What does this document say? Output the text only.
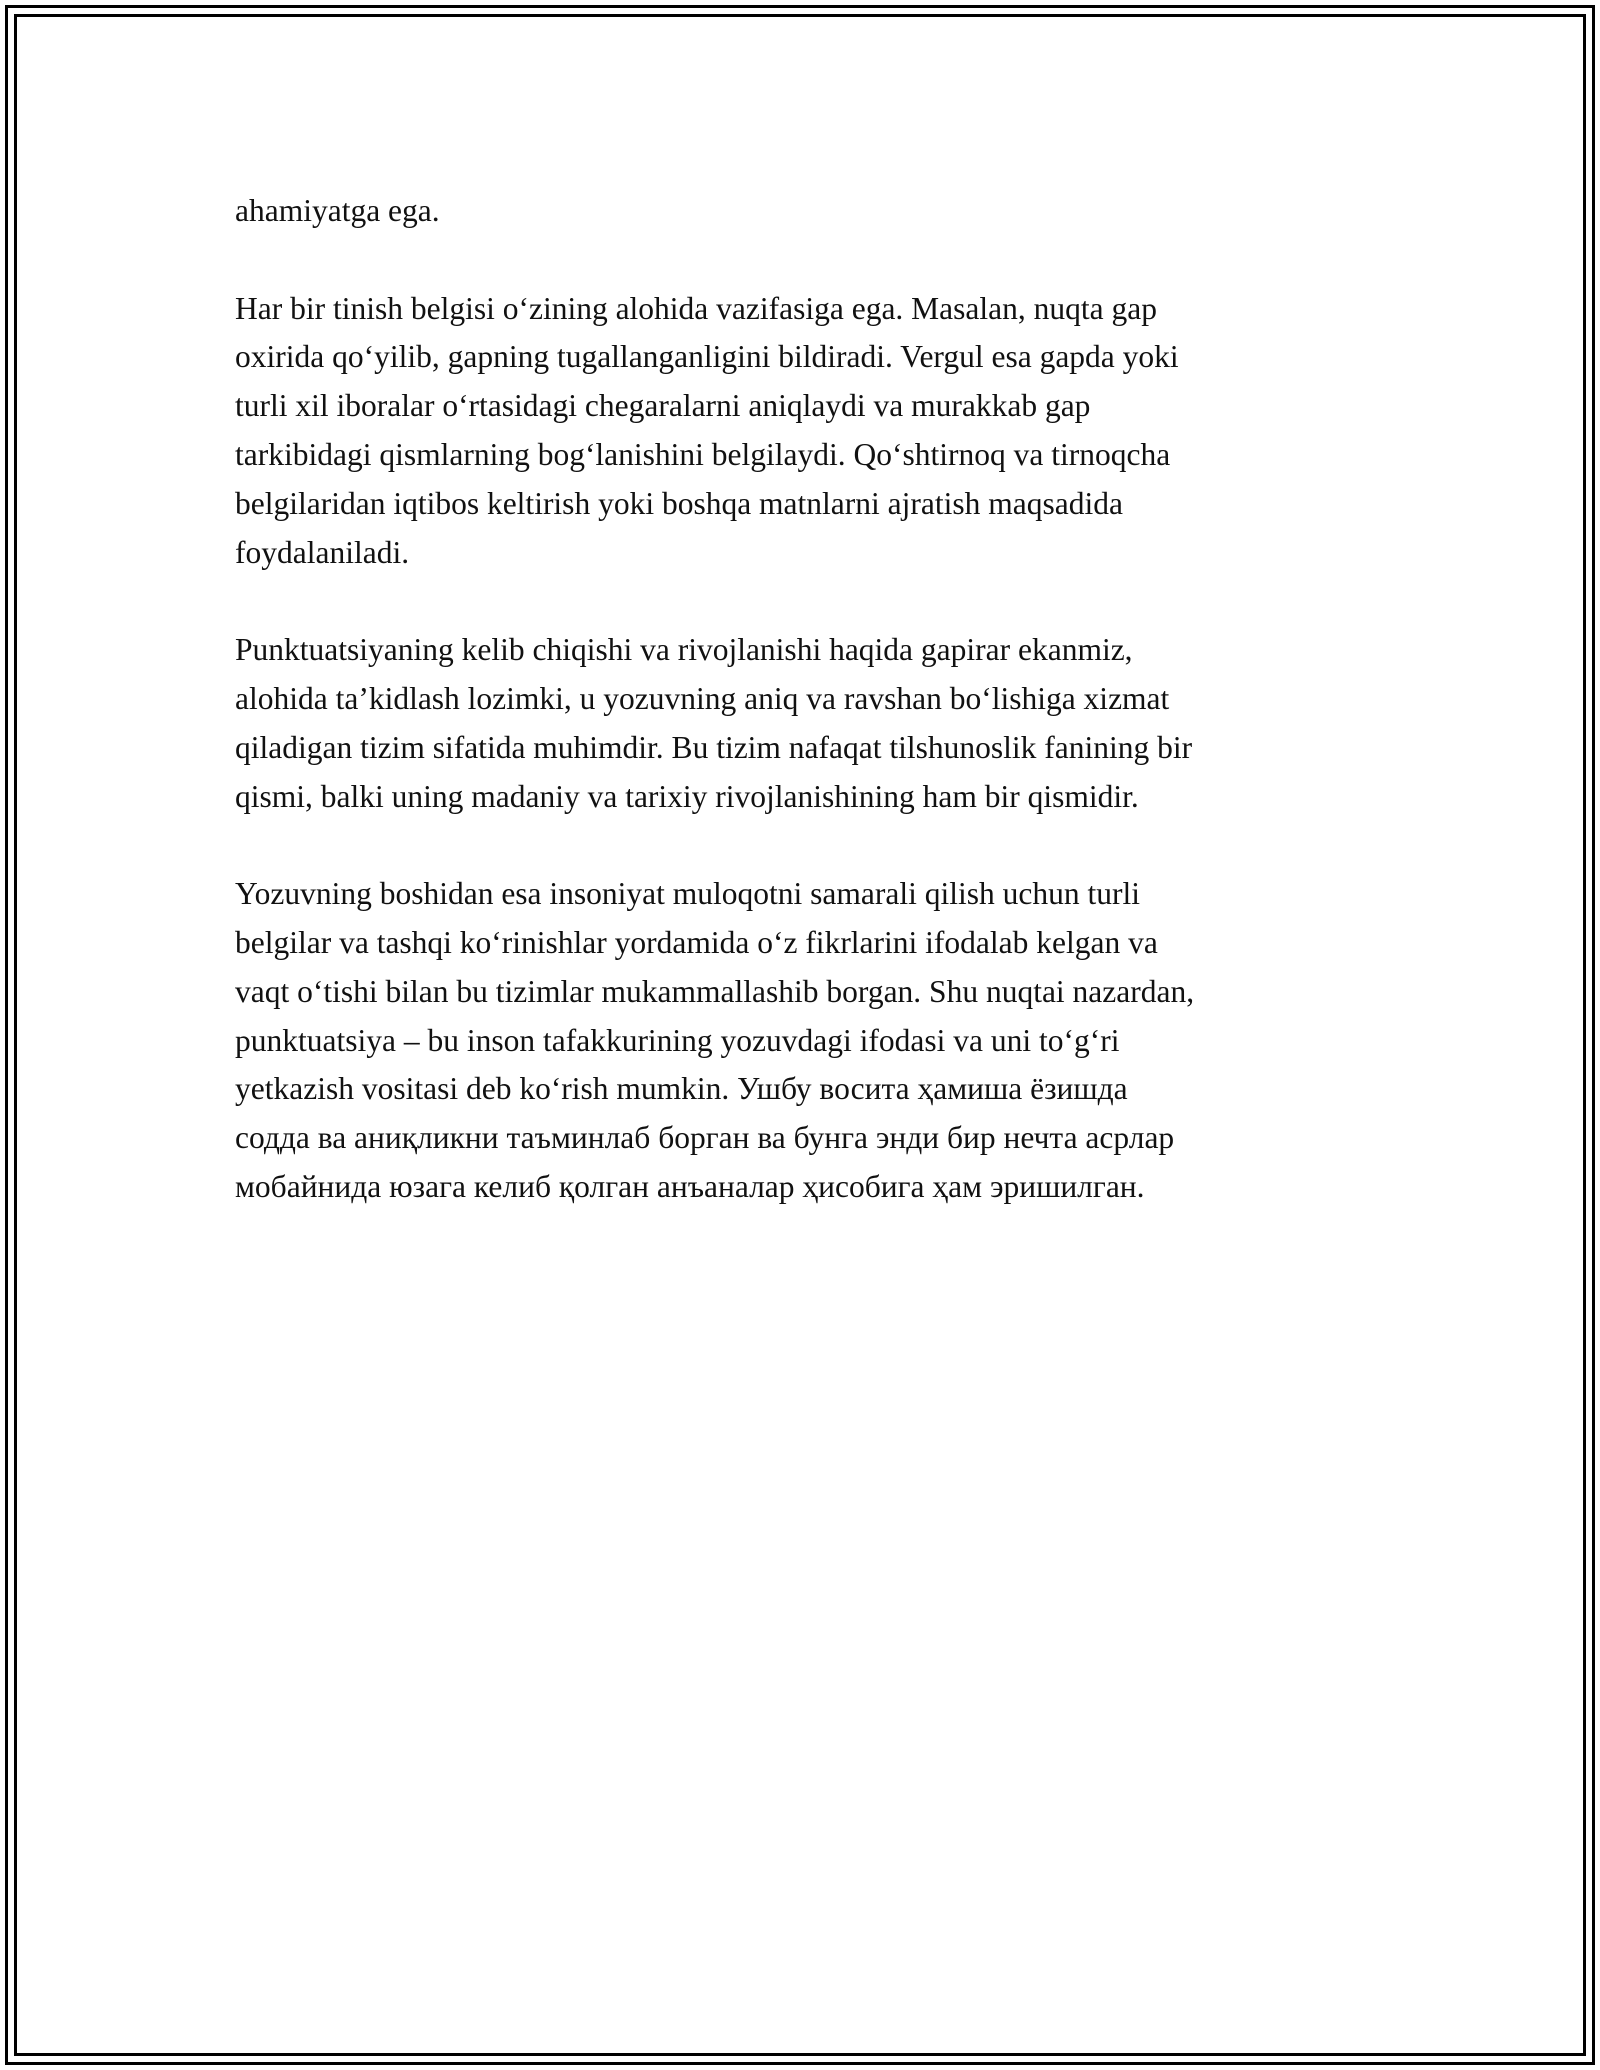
ahamiyatga ega.

Har bir tinish belgisi o‘zining alohida vazifasiga ega. Masalan, nuqta gap
oxirida qo‘yilib, gapning tugallanganligini bildiradi. Vergul esa gapda yoki
turli xil iboralar o‘rtasidagi chegaralarni aniqlaydi va murakkab gap
tarkibidagi qismlarning bog‘lanishini belgilaydi. Qo‘shtirnoq va tirnoqcha
belgilaridan iqtibos keltirish yoki boshqa matnlarni ajratish maqsadida
foydalaniladi.

Punktuatsiyaning kelib chiqishi va rivojlanishi haqida gapirar ekanmiz,
alohida ta’kidlash lozimki, u yozuvning aniq va ravshan bo‘lishiga xizmat
qiladigan tizim sifatida muhimdir. Bu tizim nafaqat tilshunoslik fanining bir
qismi, balki uning madaniy va tarixiy rivojlanishining ham bir qismidir.

Yozuvning boshidan esa insoniyat muloqotni samarali qilish uchun turli
belgilar va tashqi ko‘rinishlar yordamida o‘z fikrlarini ifodalab kelgan va
vaqt o‘tishi bilan bu tizimlar mukammallashib borgan. Shu nuqtai nazardan,
punktuatsiya – bu inson tafakkurining yozuvdagi ifodasi va uni to‘g‘ri
yetkazish vositasi deb ko‘rish mumkin. Ушбу восита ҳамиша ёзишда
содда ва аниқликни таъминлаб борган ва бунга энди бир нечта асрлар
мобайнида юзага келиб қолган анъаналар ҳисобига ҳам эришилган.
